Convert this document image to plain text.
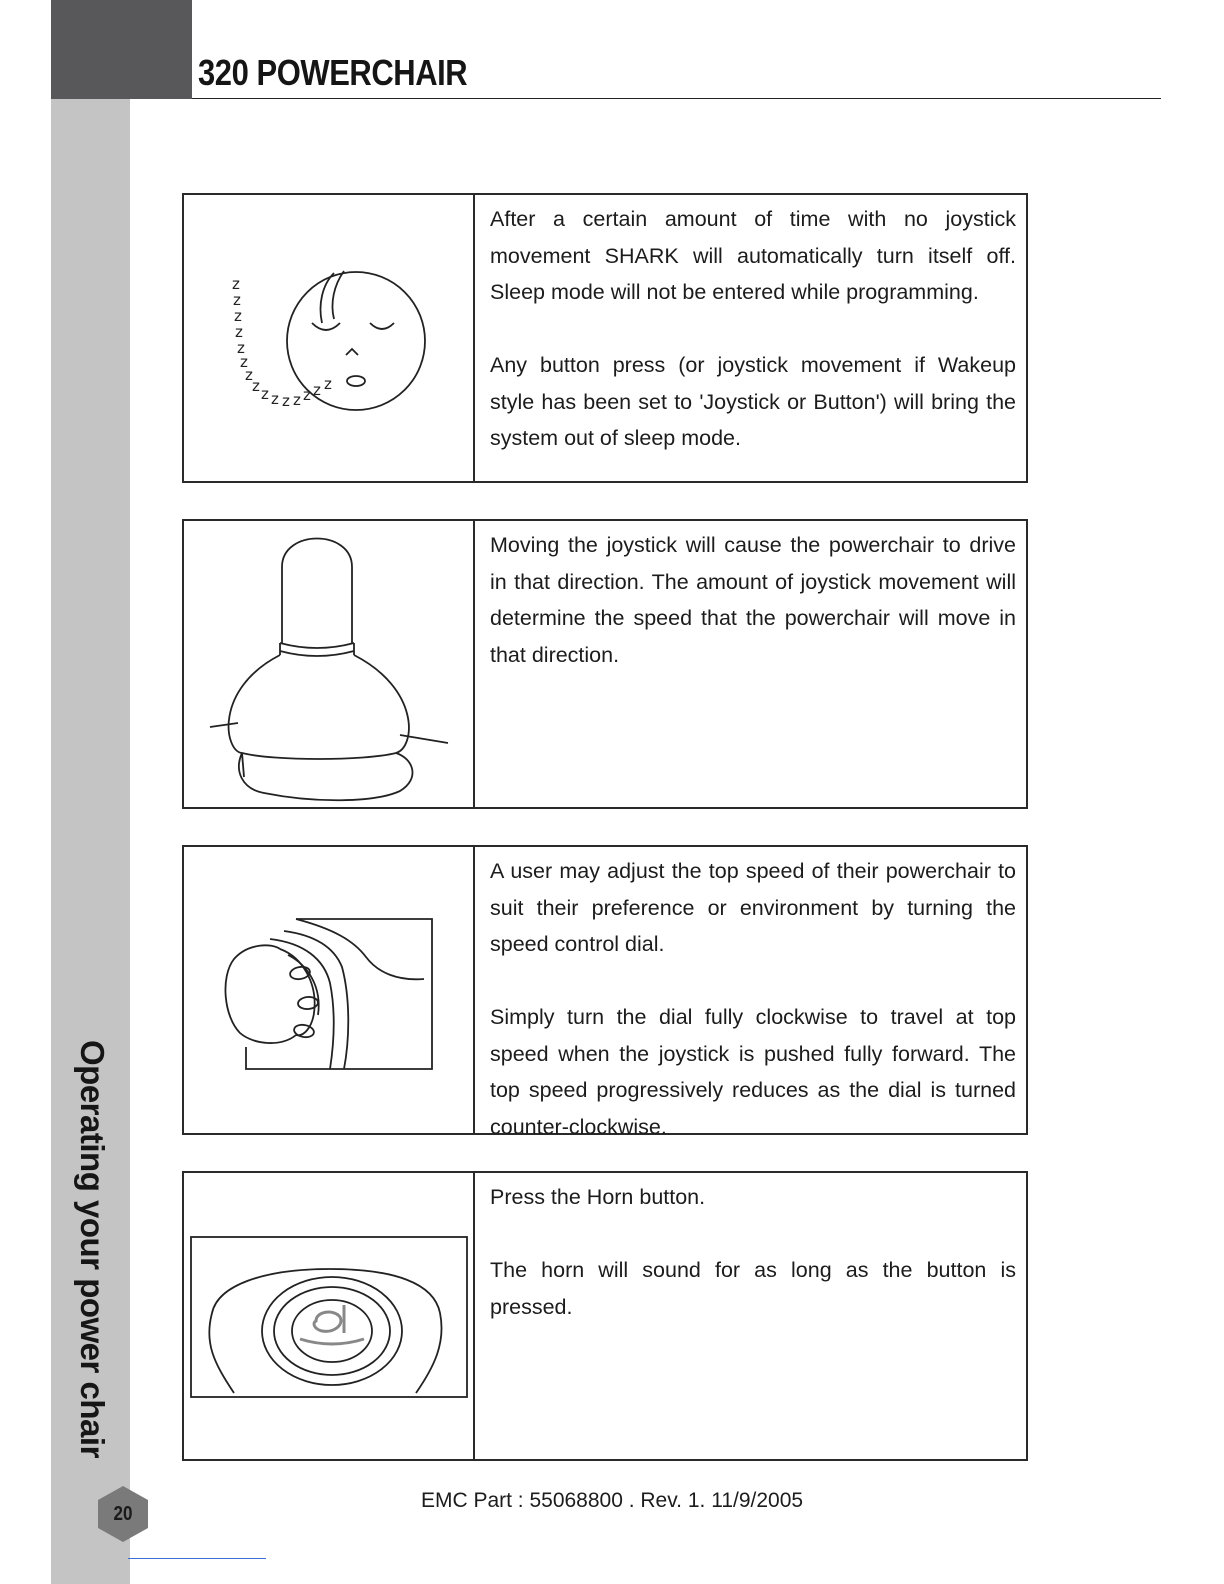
320 POWERCHAIR
Operating your power chair
20
z
z
z
z
z
z
z
z z z z z z z z

After a certain amount of time with no joystick movement SHARK will automatically turn itself off. Sleep mode will not be entered while programming.

Any button press (or joystick movement if Wakeup style has been set to 'Joystick or Button') will bring the system out of sleep mode.

Moving the joystick will cause the powerchair to drive in that direction. The amount of joystick movement will determine the speed that the powerchair will move in that direction.

A user may adjust the top speed of their powerchair to suit their preference or environment by turning the speed control dial.

Simply turn the dial fully clockwise to travel at top speed when the joystick is pushed fully forward. The top speed progressively reduces as the dial is turned counter-clockwise.

Press the Horn button.

The horn will sound for as long as the button is pressed.

EMC Part : 55068800 . Rev. 1. 11/9/2005
